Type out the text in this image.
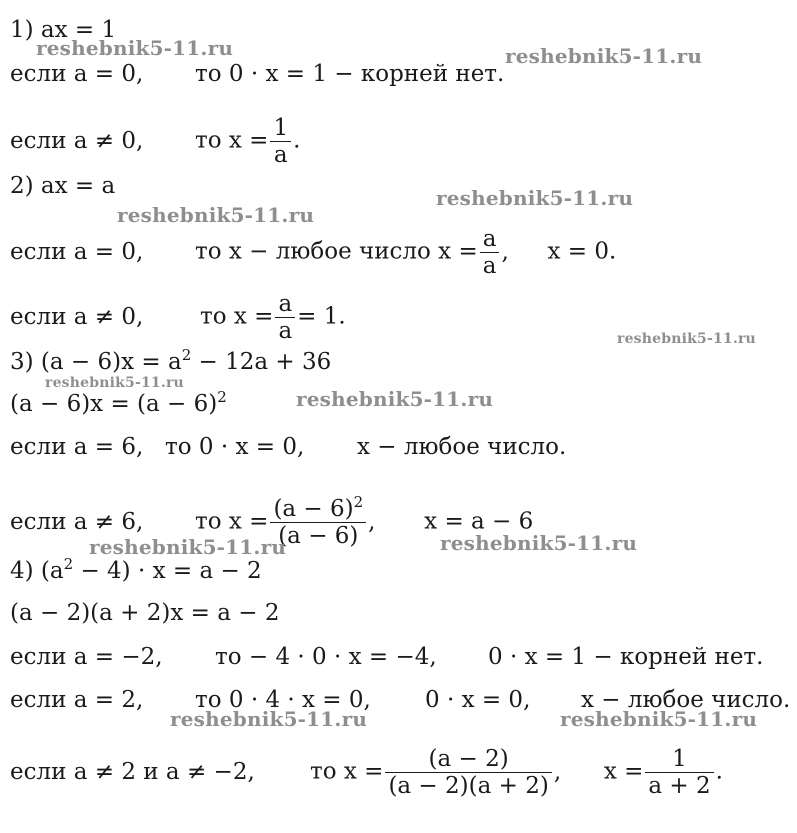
1) ax = 1
если a = 0, то 0 · x = 1 − корней нет.
если a ≠ 0, то $x = \frac{1}{a}$ .
2) ax = a
если a = 0, то x − любое число $x = \frac{a}{a}$ , x = 0.
если a ≠ 0, то $x = \frac{a}{a} = 1$.
3) $(a - 6)x = a^2 - 12a + 36$
$(a - 6)x = (a - 6)^2$
если a = 6, то 0 · x = 0, x − любое число.
если a ≠ 6, то $x = \frac{(a - 6)^2}{(a - 6)}$ , x = a − 6
4) $(a^2 - 4) \cdot x = a - 2$
(a − 2)(a + 2)x = a − 2
если a = −2, то − 4 · 0 · x = −4, 0 · x = 1 − корней нет.
если a = 2, то 0 · 4 · x = 0, 0 · x = 0, x − любое число.
если a ≠ 2 и a ≠ −2, то $x = \frac{(a - 2)}{(a - 2)(a + 2)}$ , $x = \frac{1}{a + 2}$ .
reshebnik5-11.ru	reshebnik5-11.ru
reshebnik5-11.ru
reshebnik5-11.ru
reshebnik5-11.ru
reshebnik5-11.ru
reshebnik5-11.ru
reshebnik5-11.ru	reshebnik5-11.ru
reshebnik5-11.ru	reshebnik5-11.ru
